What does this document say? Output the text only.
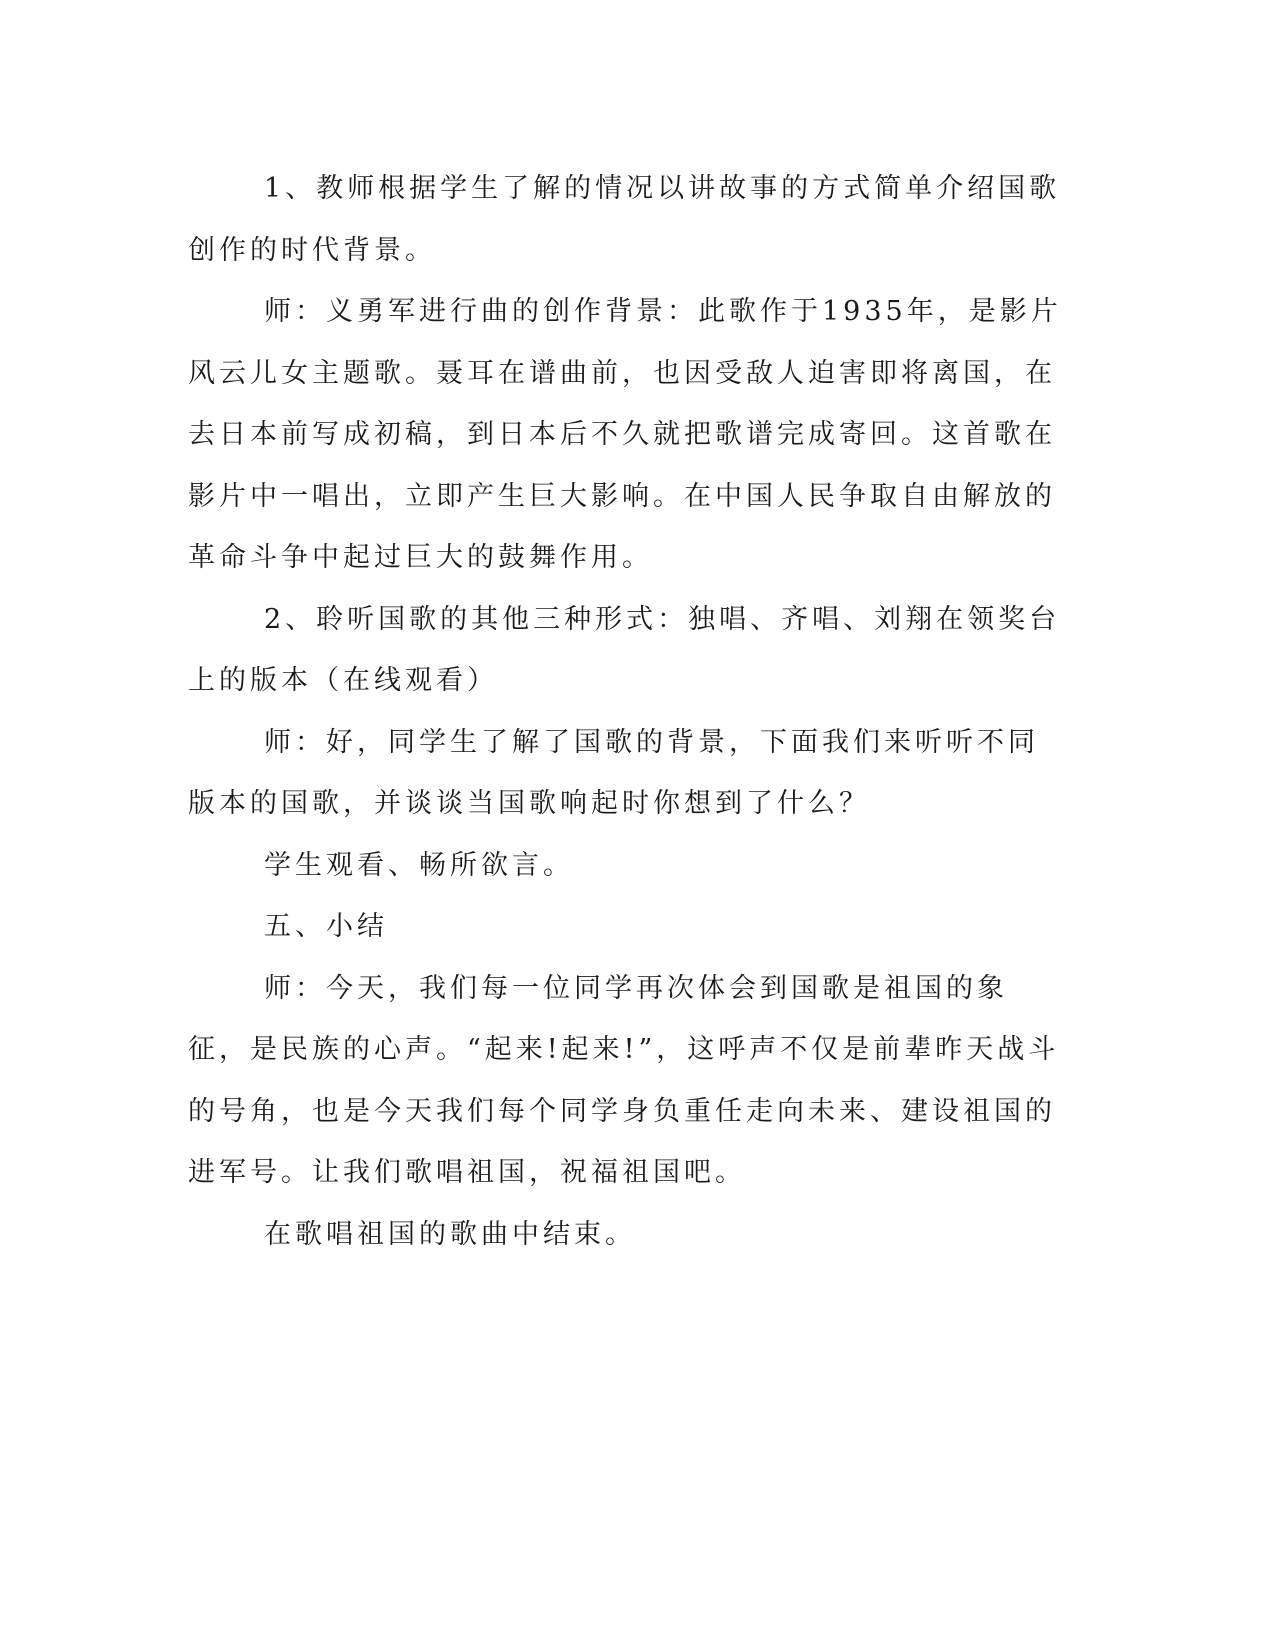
1、教师根据学生了解的情况以讲故事的方式简单介绍国歌创作的时代背景。

师：义勇军进行曲的创作背景：此歌作于1935年，是影片风云儿女主题歌。聂耳在谱曲前，也因受敌人迫害即将离国，在去日本前写成初稿，到日本后不久就把歌谱完成寄回。这首歌在影片中一唱出，立即产生巨大影响。在中国人民争取自由解放的革命斗争中起过巨大的鼓舞作用。

2、聆听国歌的其他三种形式：独唱、齐唱、刘翔在领奖台上的版本（在线观看）

师：好，同学生了解了国歌的背景，下面我们来听听不同版本的国歌，并谈谈当国歌响起时你想到了什么？

学生观看、畅所欲言。

五、小结

师：今天，我们每一位同学再次体会到国歌是祖国的象征，是民族的心声。“起来!起来!”，这呼声不仅是前辈昨天战斗的号角，也是今天我们每个同学身负重任走向未来、建设祖国的进军号。让我们歌唱祖国，祝福祖国吧。

在歌唱祖国的歌曲中结束。
